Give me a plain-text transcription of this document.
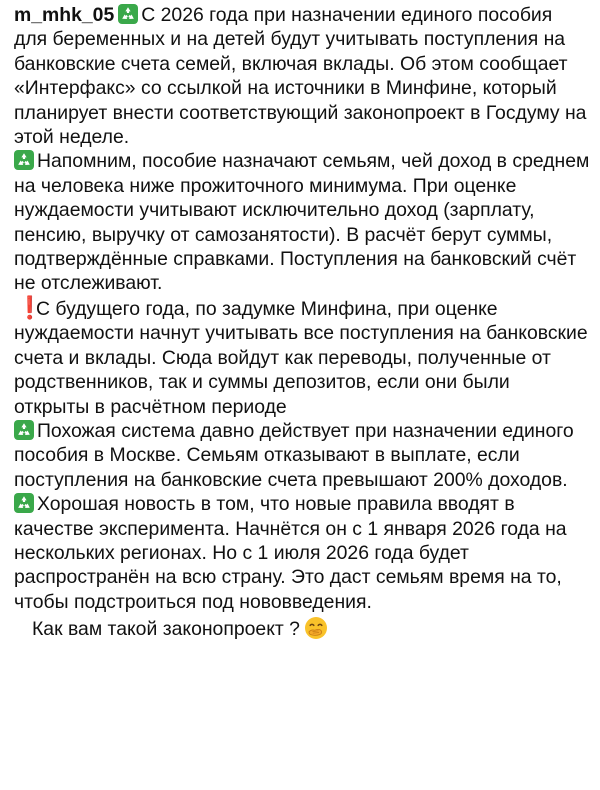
m_mhk_05 С 2026 года при назначении единого пособия для беременных и на детей будут учитывать поступления на банковские счета семей, включая вклады. Об этом сообщает «Интерфакс» со ссылкой на источники в Минфине, который планирует внести соответствующий законопроект в Госдуму на этой неделе.

Напомним, пособие назначают семьям, чей доход в среднем на человека ниже прожиточного минимума. При оценке нуждаемости учитывают исключительно доход (зарплату, пенсию, выручку от самозанятости). В расчёт берут суммы, подтверждённые справками. Поступления на банковский счёт не отслеживают.

❗С будущего года, по задумке Минфина, при оценке нуждаемости начнут учитывать все поступления на банковские счета и вклады. Сюда войдут как переводы, полученные от родственников, так и суммы депозитов, если они были открыты в расчётном периоде

Похожая система давно действует при назначении единого пособия в Москве. Семьям отказывают в выплате, если поступления на банковские счета превышают 200% доходов.

Хорошая новость в том, что новые правила вводят в качестве эксперимента. Начнётся он с 1 января 2026 года на нескольких регионах. Но с 1 июля 2026 года будет распространён на всю страну. Это даст семьям время на то, чтобы подстроиться под нововведения.

Как вам такой законопроект ?
